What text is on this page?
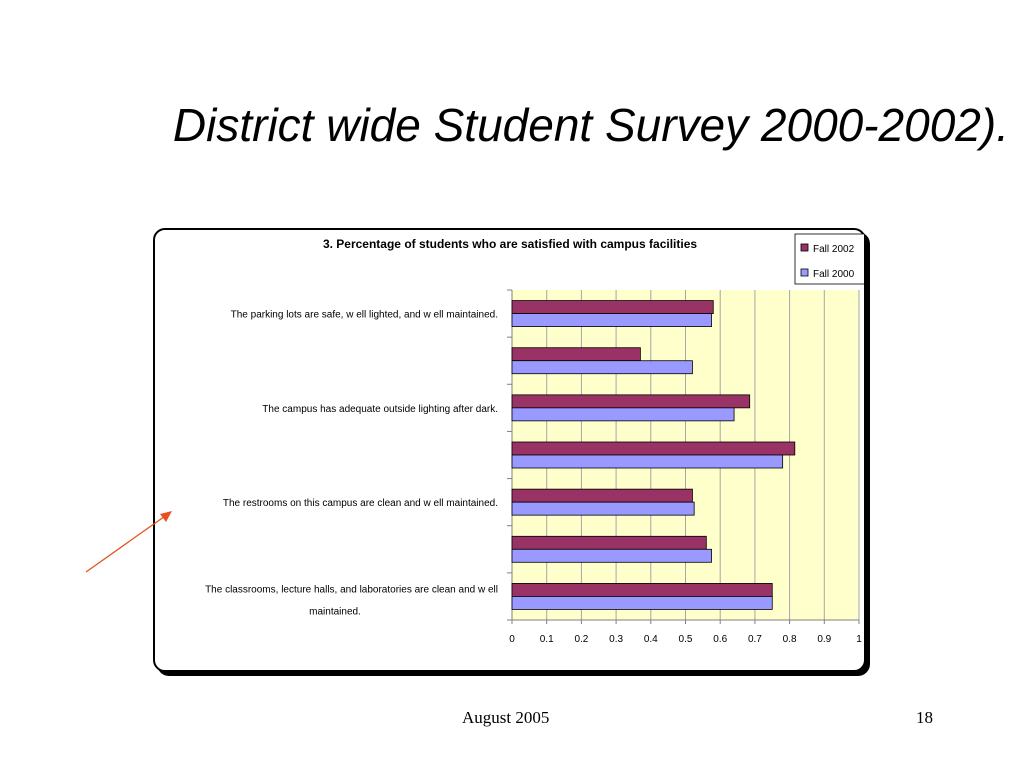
District wide Student Survey 2000-2002).
3. Percentage of students who are satisfied with campus facilities
The parking lots are safe, w ell lighted, and w ell maintained.
The campus has adequate outside lighting after dark.
The restrooms on this campus are clean and w ell maintained.
The classrooms, lecture halls, and laboratories are clean and w ell
maintained.
0 0.1 0.2 0.3 0.4 0.5 0.6 0.7 0.8 0.9 1
Fall 2002
Fall 2000
August 2005	18
